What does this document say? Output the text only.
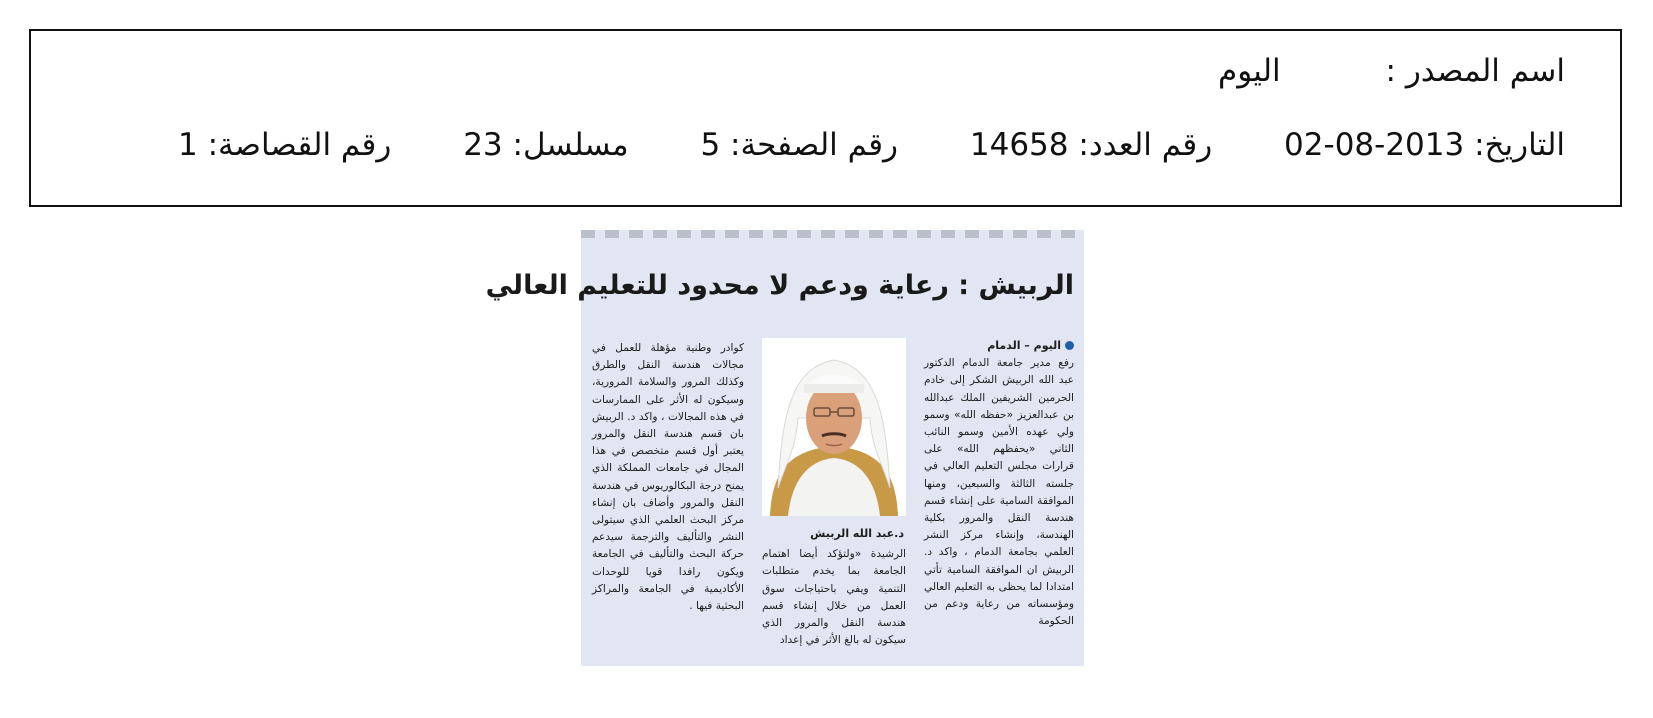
اسم المصدر : اليوم
التاريخ: 2013-08-02 رقم العدد: 14658 رقم الصفحة: 5 مسلسل: 23 رقم القصاصة: 1
الربيش : رعاية ودعم لا محدود للتعليم العالي
اليوم – الدمام
رفع مدير جامعة الدمام الدكتور عبد الله الربيش الشكر إلى خادم الحرمين الشريفين الملك عبدالله بن عبدالعزيز «حفظه الله» وسمو ولي عهده الأمين وسمو النائب الثاني «يحفظهم الله» على قرارات مجلس التعليم العالي في جلسته الثالثة والسبعين، ومنها الموافقة السامية على إنشاء قسم هندسة النقل والمرور بكلية الهندسة، وإنشاء مركز النشر العلمي بجامعة الدمام ، واكد د. الربيش ان الموافقة السامية تأتي امتدادا لما يحظى به التعليم العالي ومؤسساته من رعاية ودعم من الحكومة
د.عبد الله الربيش
الرشيدة «ولتؤكد أيضا اهتمام الجامعة بما يخدم متطلبات التنمية ويفي باحتياجات سوق العمل من خلال إنشاء قسم هندسة النقل والمرور الذي سيكون له بالغ الأثر في إعداد
كوادر وطنية مؤهلة للعمل في مجالات هندسة النقل والطرق وكذلك المرور والسلامة المرورية، وسيكون له الأثر على الممارسات في هذه المجالات ، واكد د. الربيش بان قسم هندسة النقل والمرور يعتبر أول قسم متخصص في هذا المجال في جامعات المملكة الذي يمنح درجة البكالوريوس في هندسة النقل والمرور وأضاف بان إنشاء مركز البحث العلمي الذي سيتولى النشر والتأليف والترجمة سيدعم حركة البحث والتأليف في الجامعة ويكون رافدا قويا للوحدات الأكاديمية في الجامعة والمراكز البحثية فيها .
